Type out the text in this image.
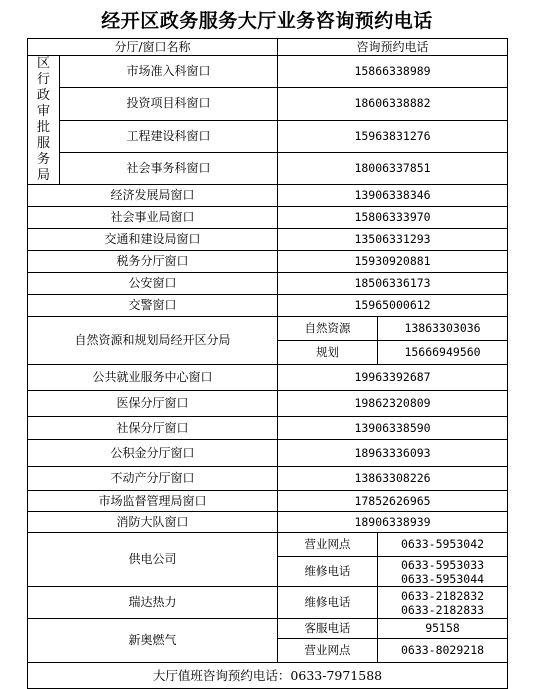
经开区政务服务大厅业务咨询预约电话
分厅/窗口名称		咨询预约电话	
区行政审批服务局	市场准入科窗口	15866338989	
	投资项目科窗口	18606338882	
	工程建设科窗口	15963831276	
	社会事务科窗口	18006337851	
经济发展局窗口		13906338346	
社会事业局窗口		15806333970	
交通和建设局窗口		13506331293	
税务分厅窗口		15930920881	
公安窗口		18506336173	
交警窗口		15965000612	
自然资源和规划局经开区分局		自然资源	13863303036
		规划	15666949560
公共就业服务中心窗口		19963392687	
医保分厅窗口		19862320809	
社保分厅窗口		13906338590	
公积金分厅窗口		18963336093	
不动产分厅窗口		13863308226	
市场监督管理局窗口		17852626965	
消防大队窗口		18906338939	
供电公司		营业网点	0633-5953042
		维修电话	0633-5953033
0633-5953044

瑞达热力		维修电话	0633-2182832
0633-2182833

新奥燃气		客服电话	95158
		营业网点	0633-8029218
大厅值班咨询预约电话：0633-7971588			
